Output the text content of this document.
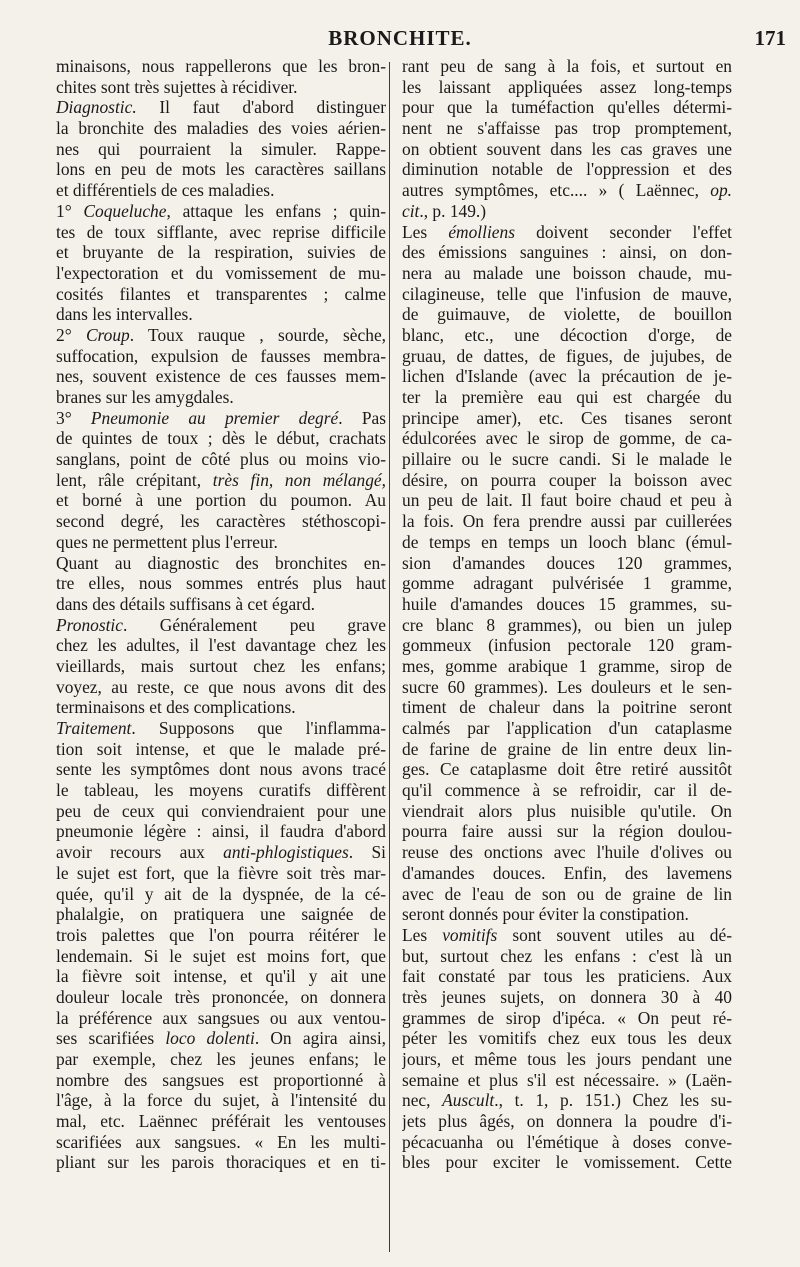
BRONCHITE.	171
minaisons, nous rappellerons que les bron-
chites sont très sujettes à récidiver.
Diagnostic. Il faut d'abord distinguer
la bronchite des maladies des voies aérien-
nes qui pourraient la simuler. Rappe-
lons en peu de mots les caractères saillans
et différentiels de ces maladies.
1° Coqueluche, attaque les enfans ; quin-
tes de toux sifflante, avec reprise difficile
et bruyante de la respiration, suivies de
l'expectoration et du vomissement de mu-
cosités filantes et transparentes ; calme
dans les intervalles.
2° Croup. Toux rauque , sourde, sèche,
suffocation, expulsion de fausses membra-
nes, souvent existence de ces fausses mem-
branes sur les amygdales.
3° Pneumonie au premier degré. Pas
de quintes de toux ; dès le début, crachats
sanglans, point de côté plus ou moins vio-
lent, râle crépitant, très fin, non mélangé,
et borné à une portion du poumon. Au
second degré, les caractères stéthoscopi-
ques ne permettent plus l'erreur.
Quant au diagnostic des bronchites en-
tre elles, nous sommes entrés plus haut
dans des détails suffisans à cet égard.
Pronostic. Généralement peu grave
chez les adultes, il l'est davantage chez les
vieillards, mais surtout chez les enfans;
voyez, au reste, ce que nous avons dit des
terminaisons et des complications.
Traitement. Supposons que l'inflamma-
tion soit intense, et que le malade pré-
sente les symptômes dont nous avons tracé
le tableau, les moyens curatifs diffèrent
peu de ceux qui conviendraient pour une
pneumonie légère : ainsi, il faudra d'abord
avoir recours aux anti-phlogistiques. Si
le sujet est fort, que la fièvre soit très mar-
quée, qu'il y ait de la dyspnée, de la cé-
phalalgie, on pratiquera une saignée de
trois palettes que l'on pourra réitérer le
lendemain. Si le sujet est moins fort, que
la fièvre soit intense, et qu'il y ait une
douleur locale très prononcée, on donnera
la préférence aux sangsues ou aux ventou-
ses scarifiées loco dolenti. On agira ainsi,
par exemple, chez les jeunes enfans; le
nombre des sangsues est proportionné à
l'âge, à la force du sujet, à l'intensité du
mal, etc. Laënnec préférait les ventouses
scarifiées aux sangsues. « En les multi-
pliant sur les parois thoraciques et en ti-
rant peu de sang à la fois, et surtout en
les laissant appliquées assez long-temps
pour que la tuméfaction qu'elles détermi-
nent ne s'affaisse pas trop promptement,
on obtient souvent dans les cas graves une
diminution notable de l'oppression et des
autres symptômes, etc.... » ( Laënnec, op.
cit., p. 149.)
Les émolliens doivent seconder l'effet
des émissions sanguines : ainsi, on don-
nera au malade une boisson chaude, mu-
cilagineuse, telle que l'infusion de mauve,
de guimauve, de violette, de bouillon
blanc, etc., une décoction d'orge, de
gruau, de dattes, de figues, de jujubes, de
lichen d'Islande (avec la précaution de je-
ter la première eau qui est chargée du
principe amer), etc. Ces tisanes seront
édulcorées avec le sirop de gomme, de ca-
pillaire ou le sucre candi. Si le malade le
désire, on pourra couper la boisson avec
un peu de lait. Il faut boire chaud et peu à
la fois. On fera prendre aussi par cuillerées
de temps en temps un looch blanc (émul-
sion d'amandes douces 120 grammes,
gomme adragant pulvérisée 1 gramme,
huile d'amandes douces 15 grammes, su-
cre blanc 8 grammes), ou bien un julep
gommeux (infusion pectorale 120 gram-
mes, gomme arabique 1 gramme, sirop de
sucre 60 grammes). Les douleurs et le sen-
timent de chaleur dans la poitrine seront
calmés par l'application d'un cataplasme
de farine de graine de lin entre deux lin-
ges. Ce cataplasme doit être retiré aussitôt
qu'il commence à se refroidir, car il de-
viendrait alors plus nuisible qu'utile. On
pourra faire aussi sur la région doulou-
reuse des onctions avec l'huile d'olives ou
d'amandes douces. Enfin, des lavemens
avec de l'eau de son ou de graine de lin
seront donnés pour éviter la constipation.
Les vomitifs sont souvent utiles au dé-
but, surtout chez les enfans : c'est là un
fait constaté par tous les praticiens. Aux
très jeunes sujets, on donnera 30 à 40
grammes de sirop d'ipéca. « On peut ré-
péter les vomitifs chez eux tous les deux
jours, et même tous les jours pendant une
semaine et plus s'il est nécessaire. » (Laën-
nec, Auscult., t. 1, p. 151.) Chez les su-
jets plus âgés, on donnera la poudre d'i-
pécacuanha ou l'émétique à doses conve-
bles pour exciter le vomissement. Cette
